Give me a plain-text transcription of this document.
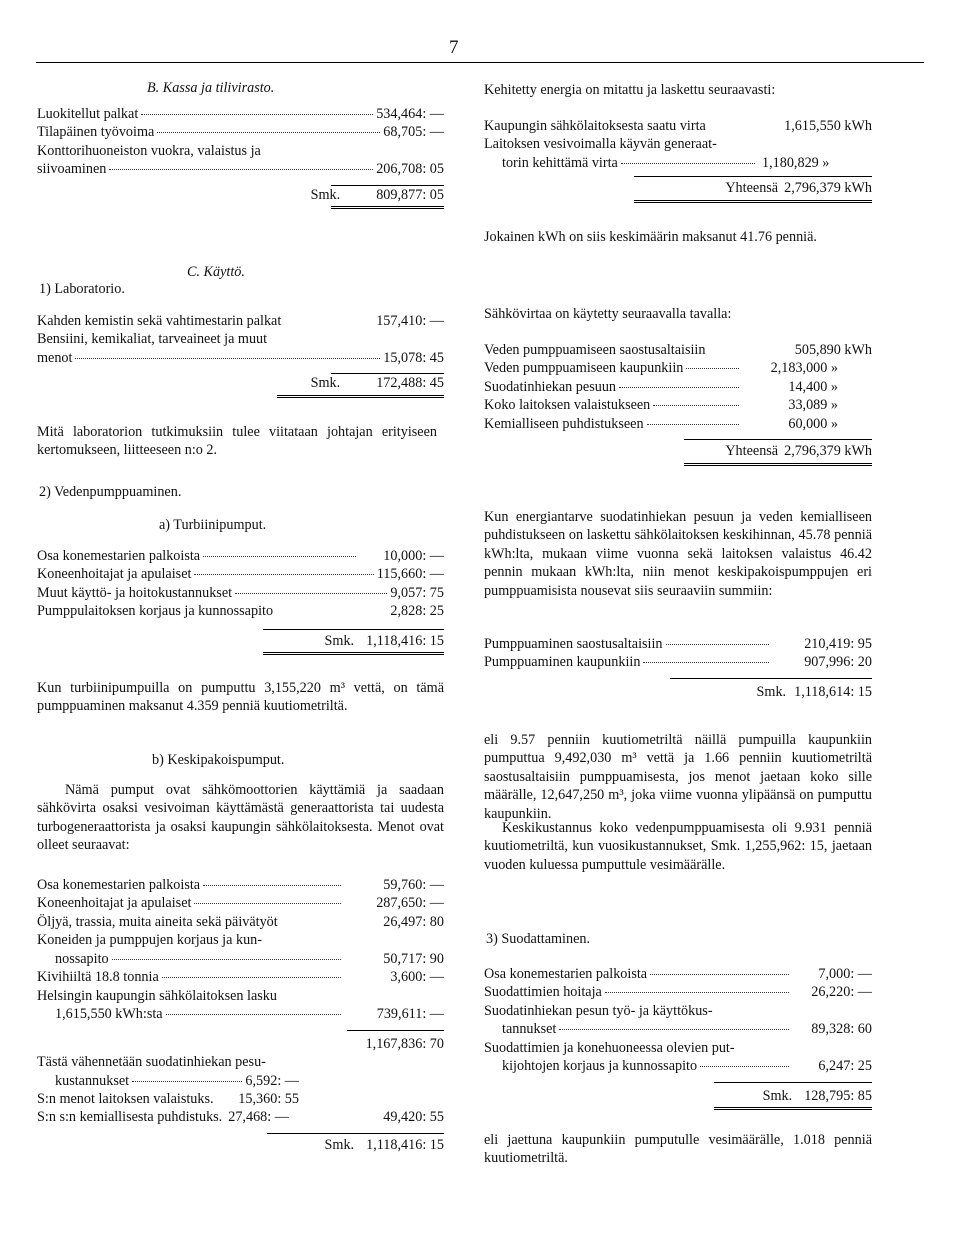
7
B. Kassa ja tilivirasto.
Luokitellut palkat	534,464: —
Tilapäinen työvoima	68,705: —
Konttorihuoneiston vuokra, valaistus ja
siivoaminen	206,708: 05
Smk.	809,877: 05
C. Käyttö.
1) Laboratorio.
Kahden kemistin sekä vahtimestarin palkat	157,410: —
Bensiini, kemikaliat, tarveaineet ja muut
menot	15,078: 45
Smk.	172,488: 45
Mitä laboratorion tutkimuksiin tulee viitataan johtajan erityiseen kertomukseen, liitteeseen n:o 2.
2) Vedenpumppuaminen.
a) Turbiinipumput.
Osa konemestarien palkoista	10,000: —
Koneenhoitajat ja apulaiset	115,660: —
Muut käyttö- ja hoitokustannukset	9,057: 75
Pumppulaitoksen korjaus ja kunnossapito	2,828: 25
Smk. 1,118,416: 15
Kun turbiinipumpuilla on pumputtu 3,155,220 m³ vettä, on tämä pumppuaminen maksanut 4.359 penniä kuutiometriltä.
b) Keskipakoispumput.
Nämä pumput ovat sähkömoottorien käyttämiä ja saadaan sähkövirta osaksi vesivoiman käyttämästä generaattorista tai uudesta turbogeneraattorista ja osaksi kaupungin sähkölaitoksesta. Menot ovat olleet seuraavat:
Osa konemestarien palkoista	59,760: —
Koneenhoitajat ja apulaiset	287,650: —
Öljyä, trassia, muita aineita sekä päivätyöt	26,497: 80
Koneiden ja pumppujen korjaus ja kun-
nossapito	50,717: 90
Kivihiiltä 18.8 tonnia	3,600: —
Helsingin kaupungin sähkölaitoksen lasku
1,615,550 kWh:sta	739,611: —
1,167,836: 70
Tästä vähennetään suodatinhiekan pesu-
kustannukset	6,592: —
S:n menot laitoksen valaistuks. 15,360: 55
S:n s:n kemiallisesta puhdistuks. 27,468: —	49,420: 55
Smk. 1,118,416: 15
Kehitetty energia on mitattu ja laskettu seuraavasti:
Kaupungin sähkölaitoksesta saatu virta	1,615,550 kWh
Laitoksen vesivoimalla käyvän generaat-
torin kehittämä virta	1,180,829 »
Yhteensä 2,796,379 kWh
Jokainen kWh on siis keskimäärin maksanut 41.76 penniä.
Sähkövirtaa on käytetty seuraavalla tavalla:
Veden pumppuamiseen saostusaltaisiin	505,890 kWh
Veden pumppuamiseen kaupunkiin	2,183,000 »
Suodatinhiekan pesuun	14,400 »
Koko laitoksen valaistukseen	33,089 »
Kemialliseen puhdistukseen	60,000 »
Yhteensä 2,796,379 kWh
Kun energiantarve suodatinhiekan pesuun ja veden kemialliseen puhdistukseen on laskettu sähkölaitoksen keskihinnan, 45.78 penniä kWh:lta, mukaan viime vuonna sekä laitoksen valaistus 46.42 pennin mukaan kWh:lta, niin menot keskipakoispumppujen eri pumppuamisista nousevat siis seuraaviin summiin:
Pumppuaminen saostusaltaisiin	210,419: 95
Pumppuaminen kaupunkiin	907,996: 20
Smk. 1,118,614: 15
eli 9.57 penniin kuutiometriltä näillä pumpuilla kaupunkiin pumputtua 9,492,030 m³ vettä ja 1.66 penniin kuutiometriltä saostusaltaisiin pumppuamisesta, jos menot jaetaan koko sille määrälle, 12,647,250 m³, joka viime vuonna ylipäänsä on pumputtu kaupunkiin.
Keskikustannus koko vedenpumppuamisesta oli 9.931 penniä kuutiometriltä, kun vuosikustannukset, Smk. 1,255,962: 15, jaetaan vuoden kuluessa pumputtule vesimäärälle.
3) Suodattaminen.
Osa konemestarien palkoista	7,000: —
Suodattimien hoitaja	26,220: —
Suodatinhiekan pesun työ- ja käyttökus-
tannukset	89,328: 60
Suodattimien ja konehuoneessa olevien put-
kijohtojen korjaus ja kunnossapito	6,247: 25
Smk. 128,795: 85
eli jaettuna kaupunkiin pumputulle vesimäärälle, 1.018 penniä kuutiometriltä.
